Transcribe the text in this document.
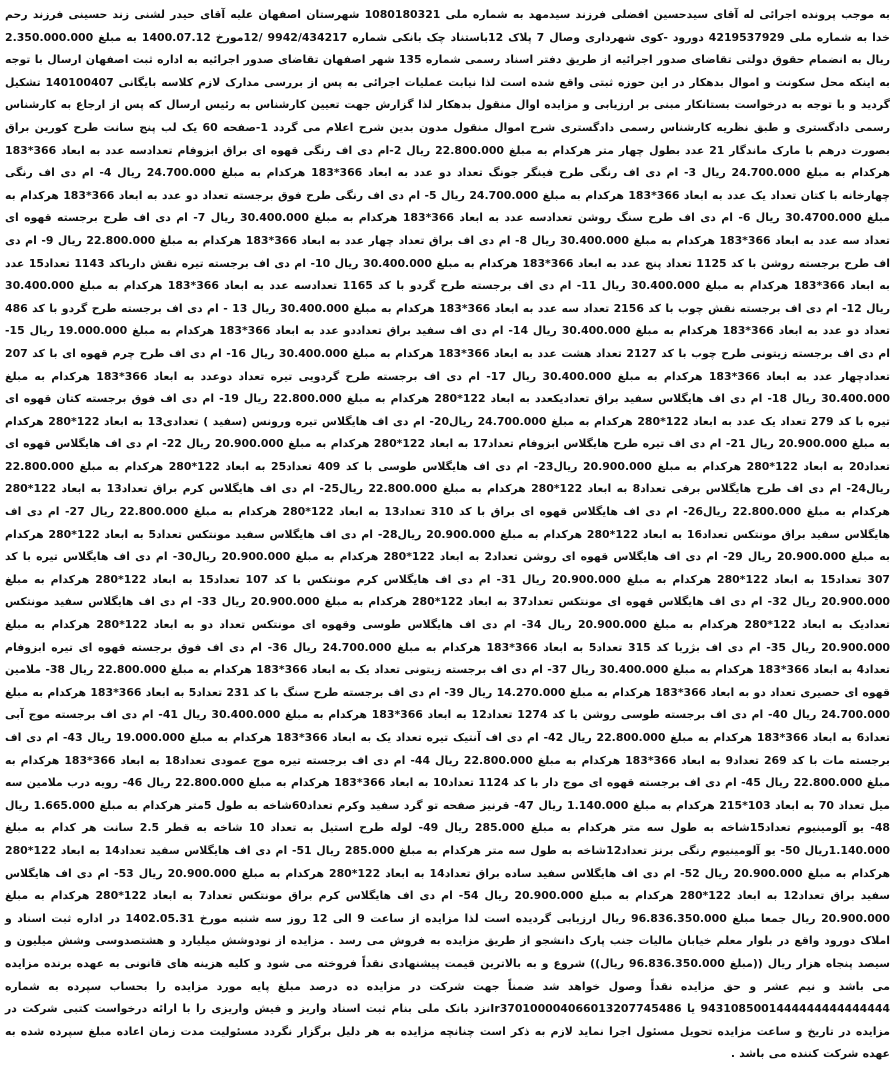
به موجب پرونده اجرائی له آقای سیدحسین افضلی فرزند سیدمهد به شماره ملی 1080180321 شهرستان اصفهان علیه آقای حیدر لشنی زند حسینی فرزند رحم خدا به شماره ملی 4219537929 دورود -کوی شهرداری وصال 7 پلاک 12باستناد چک بانکی شماره 9942/434217 /12مورخ 1400.07.12 به مبلغ 2.350.000.000 ریال به انضمام حقوق دولتی تقاضای صدور اجرائیه از طریق دفتر اسناد رسمی شماره 135 شهر اصفهان تقاضای صدور اجرائیه به اداره ثبت اصفهان ارسال با توجه به اینکه محل سکونت و اموال بدهکار در این حوزه ثبتی واقع شده است لذا نیابت عملیات اجرائی به پس از بررسی مدارک لازم کلاسه بایگانی 140100407 تشکیل گردید و با توجه به درخواست بستانکار مبنی بر ارزیابی و مزایده اوال منقول بدهکار لذا گزارش جهت تعیین کارشناس به رئیس ارسال که پس از ارجاع به کارشناس رسمی دادگستری و طبق نظریه کارشناس رسمی دادگستری شرح اموال منقول مدون بدین شرح اعلام می گردد 1-صفحه 60 یک لب پنج سانت طرح کورین براق بصورت درهم با مارک ماندگار 21 عدد بطول چهار متر هرکدام به مبلغ 22.800.000 ریال 2-ام دی اف رنگی قهوه ای براق ابزوفام تعدادسه عدد به ابعاد 366*183 هرکدام به مبلغ 24.700.000 ریال 3- ام دی اف رنگی طرح فینگر جونگ تعداد دو عدد به ابعاد 366*183 هرکدام به مبلغ 24.700.000 ریال 4- ام دی اف رنگی چهارخانه با کتان تعداد یک عدد به ابعاد 366*183 هرکدام به مبلغ 24.700.000 ریال 5- ام دی اف رنگی طرح فوق برجسته تعداد دو عدد به ابعاد 366*183 هرکدام به مبلغ 30.4700.000 ریال 6- ام دی اف طرح سنگ روشن تعدادسه عدد به ابعاد 366*183 هرکدام به مبلغ 30.400.000 ریال 7- ام دی اف طرح برجسته قهوه ای تعداد سه عدد به ابعاد 366*183 هرکدام به مبلغ 30.400.000 ریال 8- ام دی اف براق تعداد چهار عدد به ابعاد 366*183 هرکدام به مبلغ 22.800.000 ریال 9- ام دی اف طرح برجسته روشن با کد 1125 تعداد پنج عدد به ابعاد 366*183 هرکدام به مبلغ 30.400.000 ریال 10- ام دی اف برجسته تیره نقش دارباکد 1143 تعداد15 عدد به ابعاد 366*183 هرکدام به مبلغ 30.400.000 ریال 11- ام دی اف برجسته طرح گردو با کد 1165 تعدادسه عدد به ابعاد 366*183 هرکدام به مبلغ 30.400.000 ریال 12- ام دی اف برجسته نقش چوب با کد 2156 تعداد سه عدد به ابعاد 366*183 هرکدام به مبلغ 30.400.000 ریال 13 - ام دی اف برجسته طرح گردو با کد 486 تعداد دو عدد به ابعاد 366*183 هرکدام به مبلغ 30.400.000 ریال 14- ام دی اف سفید براق تعداددو عدد به ابعاد 366*183 هرکدام به مبلغ 19.000.000 ریال 15- ام دی اف برجسته زیتونی طرح چوب با کد 2127 تعداد هشت عدد به ابعاد 366*183 هرکدام به مبلغ 30.400.000 ریال 16- ام دی اف طرح چرم قهوه ای با کد 207 تعدادچهار عدد به ابعاد 366*183 هرکدام به مبلغ 30.400.000 ریال 17- ام دی اف برجسته طرح گردویی تیره تعداد دوعدد به ابعاد 366*183 هرکدام به مبلغ 30.400.000 ریال 18- ام دی اف هایگلاس سفید براق تعدادیکعدد به ابعاد 122*280 هرکدام به مبلغ 22.800.000 ریال 19- ام دی اف فوق برجسته کتان قهوه ای تیره با کد 279 تعداد یک عدد به ابعاد 122*280 هرکدام به مبلغ 24.700.000 ریال20- ام دی اف هایگلاس تیره ورونس (سفید ) تعدادی13 به ابعاد 122*280 هرکدام به مبلغ 20.900.000 ریال 21- ام دی اف تیره طرح هایگلاس ابزوفام تعداد17 به ابعاد 122*280 هرکدام به مبلغ 20.900.000 ریال 22- ام دی اف هایگلاس قهوه ای تعداد20 به ابعاد 122*280 هرکدام به مبلغ 20.900.000 ریال23- ام دی اف هایگلاس طوسی با کد 409 تعداد25 به ابعاد 122*280 هرکدام به مبلغ 22.800.000 ریال24- ام دی اف طرح هایگلاس برفی تعداد8 به ابعاد 122*280 هرکدام به مبلغ 22.800.000 ریال25- ام دی اف هایگلاس کرم براق تعداد13 به ابعاد 122*280 هرکدام به مبلغ 22.800.000 ریال26- ام دی اف هایگلاس قهوه ای براق با کد 310 تعداد13 به ابعاد 122*280 هرکدام به مبلغ 22.800.000 ریال 27- ام دی اف هایگلاس سفید براق مونتکس تعداد16 به ابعاد 122*280 هرکدام به مبلغ 20.900.000 ریال28- ام دی اف هایگلاس سفید مونتکس تعداد5 به ابعاد 122*280 هرکدام به مبلغ 20.900.000 ریال 29- ام دی اف هایگلاس قهوه ای روشن تعداد2 به ابعاد 122*280 هرکدام به مبلغ 20.900.000 ریال30- ام دی اف هایگلاس تیره با کد 307 تعداد15 به ابعاد 122*280 هرکدام به مبلغ 20.900.000 ریال 31- ام دی اف هایگلاس کرم مونتکس با کد 107 تعداد15 به ابعاد 122*280 هرکدام به مبلغ 20.900.000 ریال 32- ام دی اف هایگلاس قهوه ای مونتکس تعداد37 به ابعاد 122*280 هرکدام به مبلغ 20.900.000 ریال 33- ام دی اف هایگلاس سفید مونتکس تعدادیک به ابعاد 122*280 هرکدام به مبلغ 20.900.000 ریال 34- ام دی اف هایگلاس طوسی وقهوه ای مونتکس تعداد دو به ابعاد 122*280 هرکدام به مبلغ 20.900.000 ریال 35- ام دی اف بژربا کد 315 تعداد5 به ابعاد 366*183 هرکدام به مبلغ 24.700.000 ریال 36- ام دی اف فوق برجسته قهوه ای تیره ابزوفام تعداد4 به ابعاد 366*183 هرکدام به مبلغ 30.400.000 ریال 37- ام دی اف برجسته زیتونی تعداد یک به ابعاد 366*183 هرکدام به مبلغ 22.800.000 ریال 38- ملامین قهوه ای حصیری تعداد دو به ابعاد 366*183 هرکدام به مبلغ 14.270.000 ریال 39- ام دی اف برجسته طرح سنگ با کد 231 تعداد5 به ابعاد 366*183 هرکدام به مبلغ 24.700.000 ریال 40- ام دی اف برجسته طوسی روشن با کد 1274 تعداد12 به ابعاد 366*183 هرکدام به مبلغ 30.400.000 ریال 41- ام دی اف برجسته موج آبی تعداد6 به ابعاد 366*183 هرکدام به مبلغ 22.800.000 ریال 42- ام دی اف آنتیک تیره تعداد یک به ابعاد 366*183 هرکدام به مبلغ 19.000.000 ریال 43- ام دی اف برجسته مات با کد 269 تعداد9 به ابعاد 366*183 هرکدام به مبلغ 22.800.000 ریال 44- ام دی اف برجسته تیره موج عمودی تعداد18 به ابعاد 366*183 هرکدام به مبلغ 22.800.000 ریال 45- ام دی اف برجسته قهوه ای موج دار با کد 1124 تعداد10 به ابعاد 366*183 هرکدام به مبلغ 22.800.000 ریال 46- رویه درب ملامین سه میل تعداد 70 به ابعاد 103*215 هرکدام به مبلغ 1.140.000 ریال 47- قرنیز صفحه تو گرد سفید وکرم تعداد60شاخه به طول 5متر هرکدام به مبلغ 1.665.000 ریال 48- یو آلومینیوم تعداد15شاخه به طول سه متر هرکدام به مبلغ 285.000 ریال 49- لوله طرح استیل به تعداد 10 شاخه به قطر 2.5 سانت هر کدام به مبلغ 1.140.000ریال 50- یو آلومینیوم رنگی برنز تعداد12شاخه به طول سه متر هرکدام به مبلغ 285.000 ریال 51- ام دی اف هایگلاس سفید تعداد14 به ابعاد 122*280 هرکدام به مبلغ 20.900.000 ریال 52- ام دی اف هایگلاس سفید ساده براق تعداد14 به ابعاد 122*280 هرکدام به مبلغ 20.900.000 ریال 53- ام دی اف هایگلاس سفید براق تعداد12 به ابعاد 122*280 هرکدام به مبلغ 20.900.000 ریال 54- ام دی اف هایگلاس کرم براق مونتکس تعداد7 به ابعاد 122*280 هرکدام به مبلغ 20.900.000 ریال جمعا مبلغ 96.836.350.000 ریال ارزیابی گردیده است لذا مزایده از ساعت 9 الی 12 روز سه شنبه مورخ 1402.05.31 در اداره ثبت اسناد و املاک دورود واقع در بلوار معلم خیابان مالیات جنب پارک دانشجو از طریق مزایده به فروش می رسد . مزایده از نودوشش میلیارد و هشتصدوسی وشش میلیون و سیصد پنجاه هزار ریال ((مبلغ 96.836.350.000 ریال)) شروع و به بالاترین قیمت پیشنهادی نقداً فروخته می شود و کلیه هزینه های قانونی به عهده برنده مزایده می باشد و نیم عشر و حق مزایده نقداً وصول خواهد شد ضمناً جهت شرکت در مزایده ده درصد مبلغ پایه مورد مزایده را بحساب سپرده به شماره 9431085001444444444444444 یا Ir370100004066013207745486نزد بانک ملی بنام ثبت اسناد واریز و فیش واریزی را با ارائه درخواست کتبی شرکت در مزایده در تاریخ و ساعت مزایده تحویل مسئول اجرا نماید لازم به ذکر است چنانچه مزایده به هر دلیل برگزار نگردد مسئولیت مدت زمان اعاده مبلغ سپرده شده به عهده شرکت کننده می باشد .
